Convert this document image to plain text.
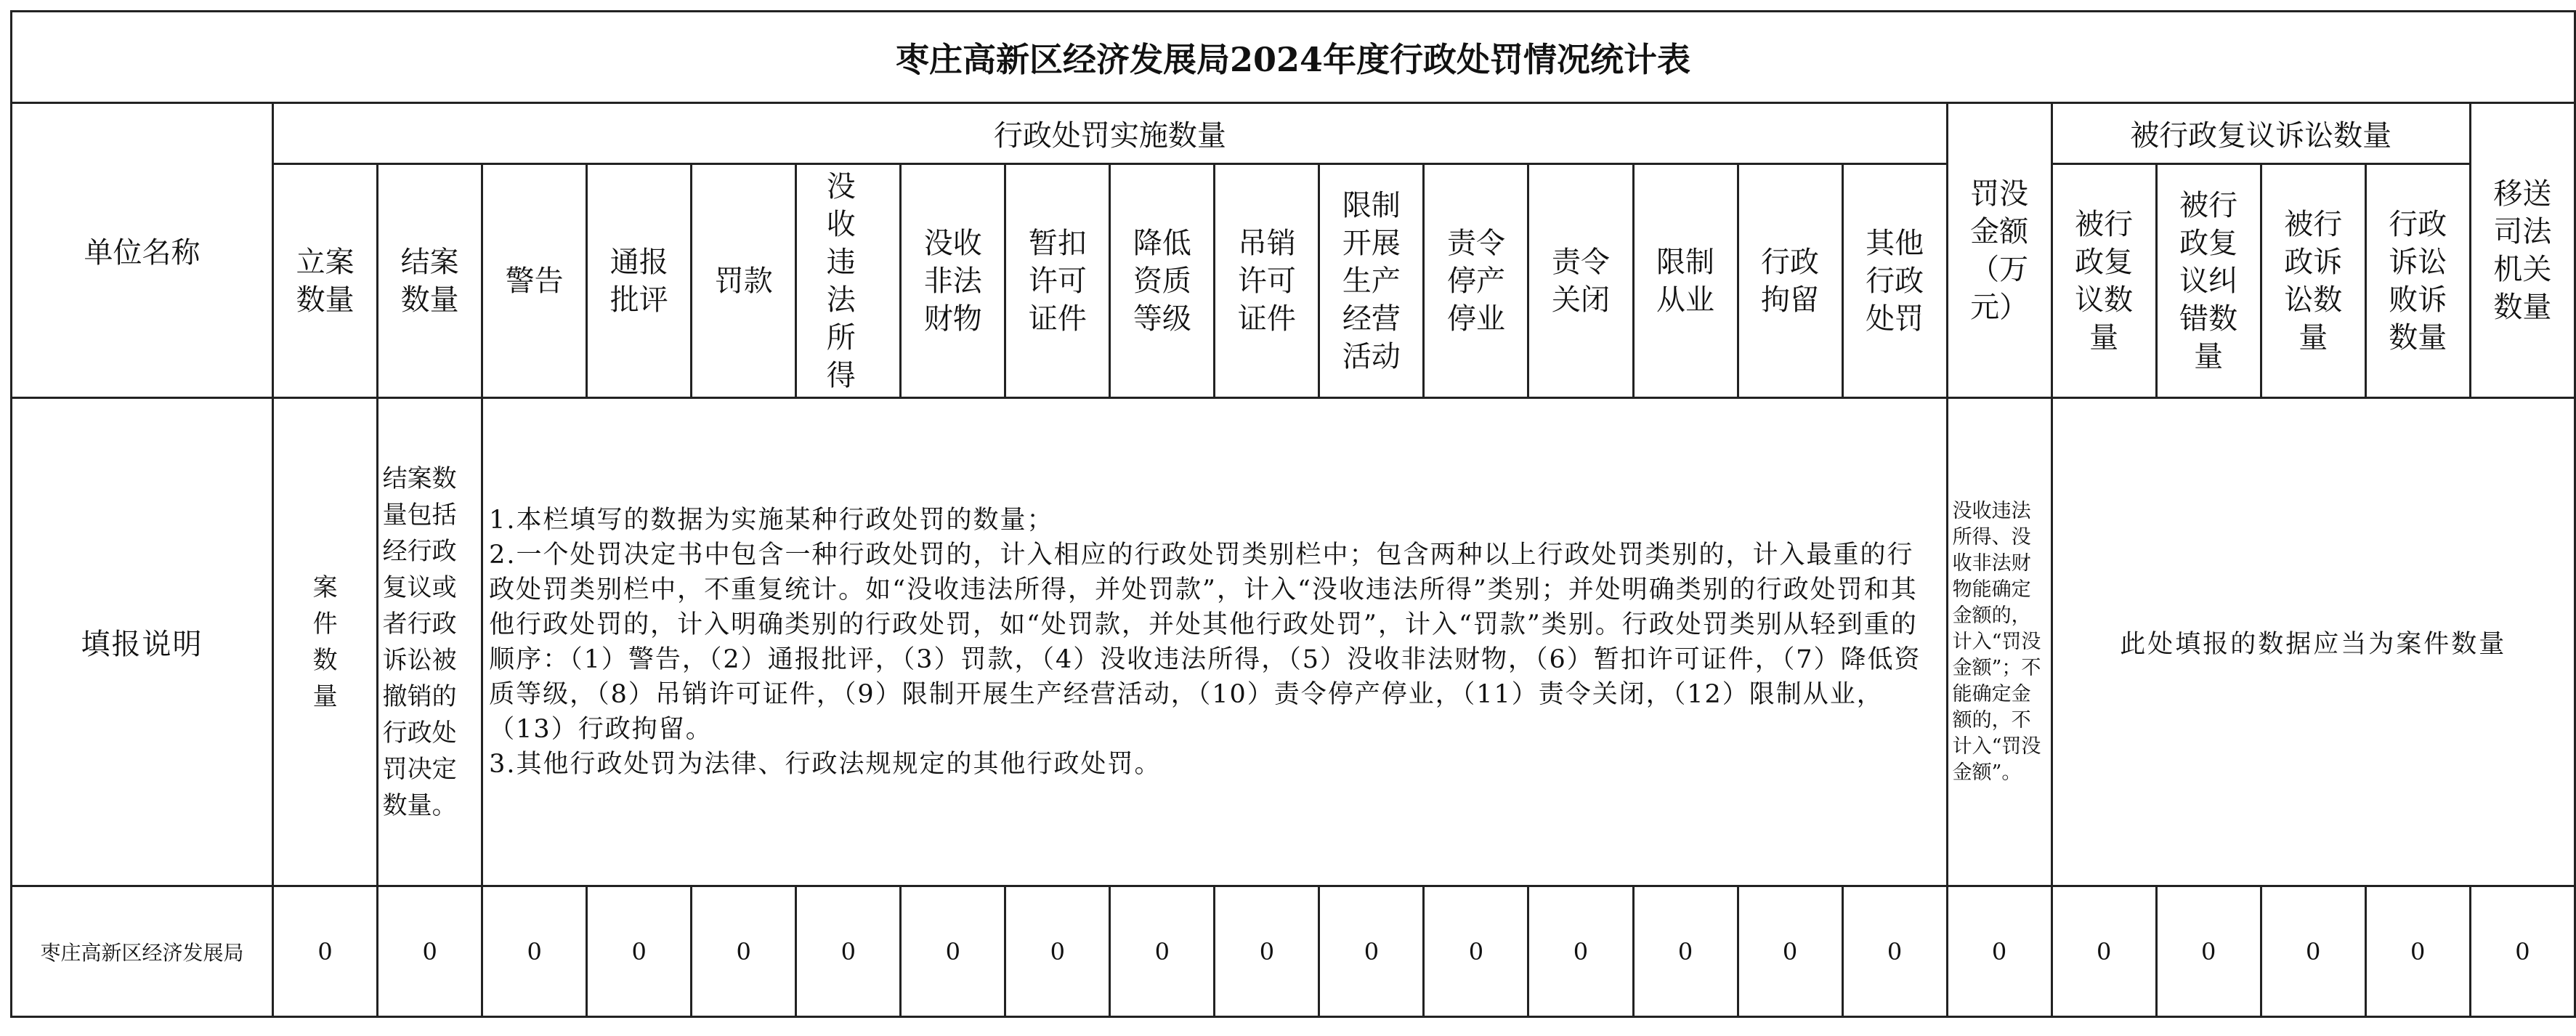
枣庄高新区经济发展局2024年度行政处罚情况统计表
单位名称	行政处罚实施数量																罚没金额（万元）	被行政复议诉讼数量				移送司法机关数量
	立案数量	结案数量	警告	通报批评	罚款	没收违法所得	没收非法财物	暂扣许可证件	降低资质等级	吊销许可证件	限制开展生产经营活动	责令停产停业	责令关闭	限制从业	行政拘留	其他行政处罚		被行政复议数量	被行政复议纠错数量	被行政诉讼数量	行政诉讼败诉数量	
填报说明	案件数量	结案数量包括经行政复议或者行政诉讼被撤销的行政处罚决定数量。	1.本栏填写的数据为实施某种行政处罚的数量；
2.一个处罚决定书中包含一种行政处罚的，计入相应的行政处罚类别栏中；包含两种以上行政处罚类别的，计入最重的行政处罚类别栏中，不重复统计。如“没收违法所得，并处罚款”，计入“没收违法所得”类别；并处明确类别的行政处罚和其他行政处罚的，计入明确类别的行政处罚，如“处罚款，并处其他行政处罚”，计入“罚款”类别。行政处罚类别从轻到重的顺序：（1）警告，（2）通报批评，（3）罚款，（4）没收违法所得，（5）没收非法财物，（6）暂扣许可证件，（7）降低资质等级，（8）吊销许可证件，（9）限制开展生产经营活动，（10）责令停产停业，（11）责令关闭，（12）限制从业，（13）行政拘留。
3.其他行政处罚为法律、行政法规规定的其他行政处罚。														没收违法所得、没收非法财物能确定金额的，计入“罚没金额”；不能确定金额的，不计入“罚没金额”。	此处填报的数据应当为案件数量				
枣庄高新区经济发展局	0	0	0	0	0	0	0	0	0	0	0	0	0	0	0	0	0	0	0	0	0	0
